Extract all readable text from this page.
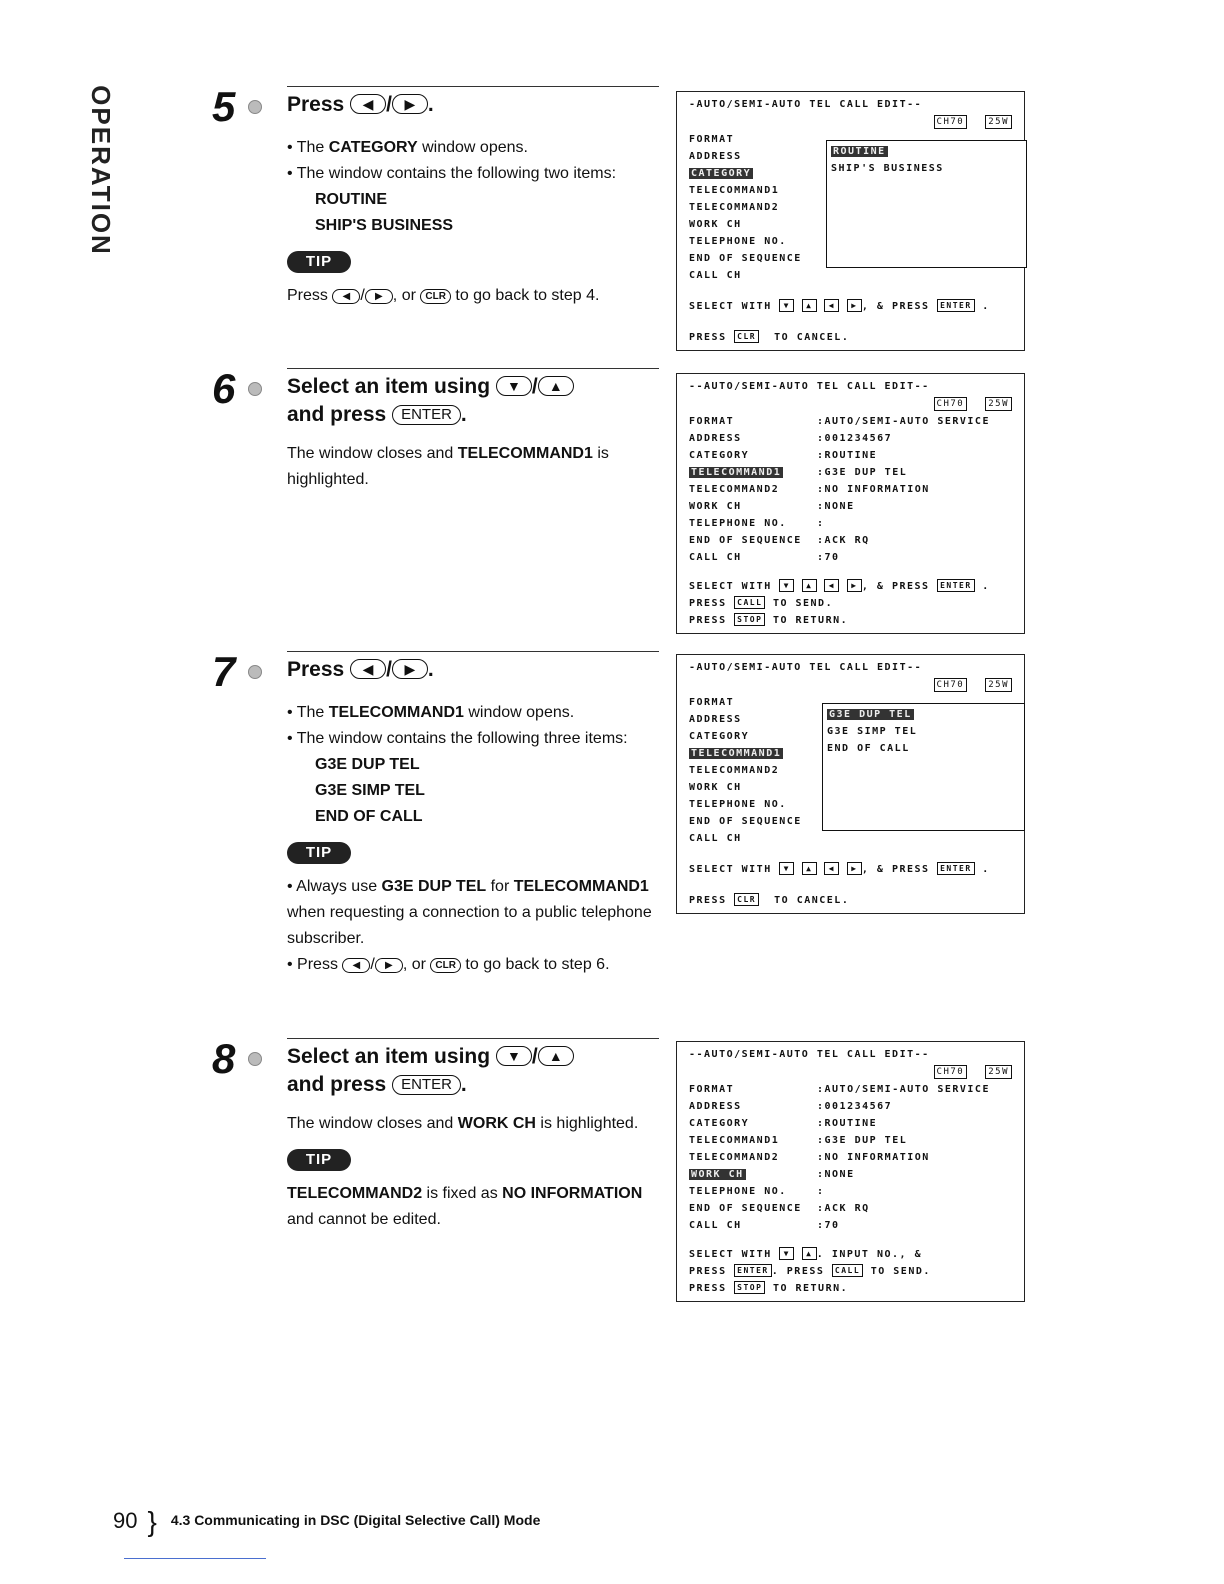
OPERATION 5 Press ◀ / ▶ .

• The CATEGORY window opens.

• The window contains the following two items:

ROUTINE
SHIP'S BUSINESS
TIP

Press ◀ / ▶ , or CLR to go back to step 4.

6 Select an item using ▼ / ▲
and press ENTER .

The window closes and TELECOMMAND1 is highlighted.

7 Press ◀ / ▶ .

• The TELECOMMAND1 window opens.

• The window contains the following three items:

G3E DUP TEL
G3E SIMP TEL
END OF CALL
TIP

• Always use G3E DUP TEL for TELECOMMAND1 when requesting a connection to a public telephone subscriber.

• Press ◀ / ▶ , or CLR to go back to step 6.

8 Select an item using ▼ / ▲
and press ENTER .

The window closes and WORK CH is highlighted.

TIP

TELECOMMAND2 is fixed as NO INFORMATION and cannot be edited.

-AUTO/SEMI-AUTO TEL CALL EDIT--
CH70	25W
FORMAT
ADDRESS
CATEGORY
TELECOMMAND1
TELECOMMAND2
WORK CH
TELEPHONE NO.
END OF SEQUENCE
CALL CH
SELECT WITH ▼ ▲ ◀ ▶ , & PRESS ENTER .
PRESS CLR TO CANCEL.
ROUTINE
SHIP'S BUSINESS
--AUTO/SEMI-AUTO TEL CALL EDIT--
CH70	25W
FORMAT	:AUTO/SEMI-AUTO SERVICE
ADDRESS	:001234567
CATEGORY	:ROUTINE
TELECOMMAND1	:G3E DUP TEL
TELECOMMAND2	:NO INFORMATION
WORK CH	:NONE
TELEPHONE NO.	:
END OF SEQUENCE :ACK RQ
CALL CH	:70
SELECT WITH ▼ ▲ ◀ ▶ , & PRESS ENTER .
PRESS CALL TO SEND.
PRESS STOP TO RETURN.
-AUTO/SEMI-AUTO TEL CALL EDIT--
CH70	25W
FORMAT
ADDRESS
CATEGORY
TELECOMMAND1
TELECOMMAND2
WORK CH
TELEPHONE NO.
END OF SEQUENCE
CALL CH
SELECT WITH ▼ ▲ ◀ ▶ , & PRESS ENTER .
PRESS CLR TO CANCEL.
G3E DUP TEL
G3E SIMP TEL
END OF CALL
--AUTO/SEMI-AUTO TEL CALL EDIT--
CH70	25W
FORMAT	:AUTO/SEMI-AUTO SERVICE
ADDRESS	:001234567
CATEGORY	:ROUTINE
TELECOMMAND1	:G3E DUP TEL
TELECOMMAND2	:NO INFORMATION
WORK CH	:NONE
TELEPHONE NO.	:
END OF SEQUENCE :ACK RQ
CALL CH	:70
SELECT WITH ▼ ▲ . INPUT NO., &
PRESS ENTER . PRESS CALL TO SEND.
PRESS STOP TO RETURN.
90 } 4.3 Communicating in DSC (Digital Selective Call) Mode
